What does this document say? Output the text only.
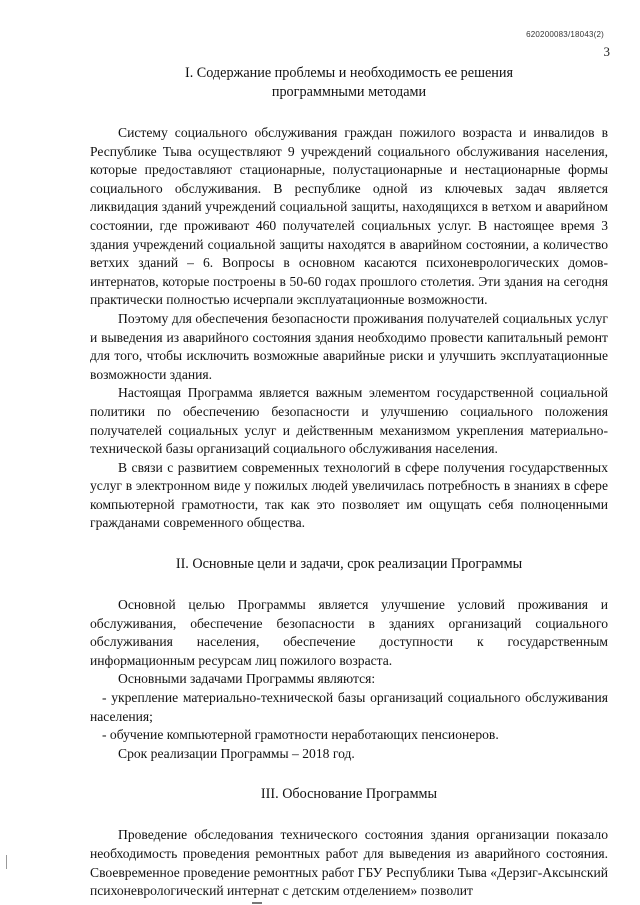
620200083/18043(2)
3

I. Содержание проблемы и необходимость ее решения
программными методами

Систему социального обслуживания граждан пожилого возраста и инвалидов в Республике Тыва осуществляют 9 учреждений социального обслуживания населения, которые предоставляют стационарные, полустационарные и нестационарные формы социального обслуживания. В республике одной из ключевых задач является ликвидация зданий учреждений социальной защиты, находящихся в ветхом и аварийном состоянии, где проживают 460 получателей социальных услуг. В настоящее время 3 здания учреждений социальной защиты находятся в аварийном состоянии, а количество ветхих зданий – 6. Вопросы в основном касаются психоневрологических домов-интернатов, которые построены в 50-60 годах прошлого столетия. Эти здания на сегодня практически полностью исчерпали эксплуатационные возможности.

Поэтому для обеспечения безопасности проживания получателей социальных услуг и выведения из аварийного состояния здания необходимо провести капитальный ремонт для того, чтобы исключить возможные аварийные риски и улучшить эксплуатационные возможности здания.

Настоящая Программа является важным элементом государственной социальной политики по обеспечению безопасности и улучшению социального положения получателей социальных услуг и действенным механизмом укрепления материально-технической базы организаций социального обслуживания населения.

В связи с развитием современных технологий в сфере получения государственных услуг в электронном виде у пожилых людей увеличилась потребность в знаниях в сфере компьютерной грамотности, так как это позволяет им ощущать себя полноценными гражданами современного общества.

II. Основные цели и задачи, срок реализации Программы

Основной целью Программы является улучшение условий проживания и обслуживания, обеспечение безопасности в зданиях организаций социального обслуживания населения, обеспечение доступности к государственным информационным ресурсам лиц пожилого возраста.

Основными задачами Программы являются:

- укрепление материально-технической базы организаций социального обслуживания населения;

- обучение компьютерной грамотности неработающих пенсионеров.

Срок реализации Программы – 2018 год.

III. Обоснование Программы

Проведение обследования технического состояния здания организации показало необходимость проведения ремонтных работ для выведения из аварийного состояния. Своевременное проведение ремонтных работ ГБУ Республики Тыва «Дерзиг-Аксынский психоневрологический интернат с детским отделением» позволит
